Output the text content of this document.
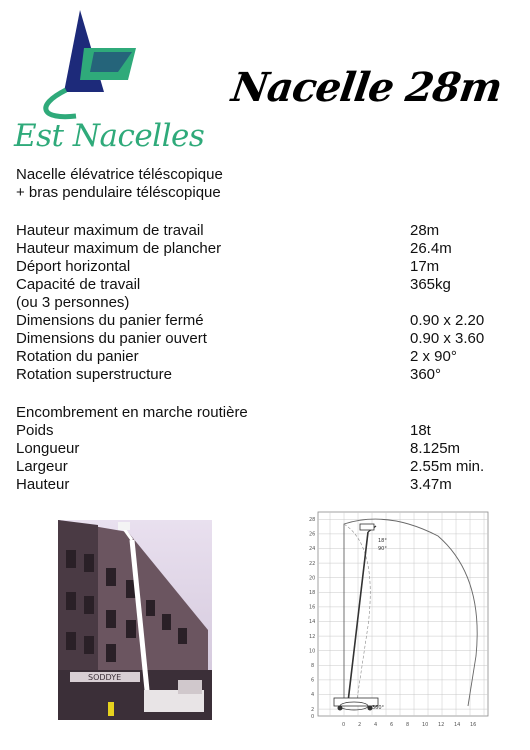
Est Nacelles
Nacelle 28m
Nacelle élévatrice téléscopique
+ bras pendulaire téléscopique
Hauteur maximum de travail	28m
Hauteur maximum de plancher	26.4m
Déport horizontal	17m
Capacité de travail	365kg
(ou 3 personnes)
Dimensions du panier fermé	0.90 x 2.20
Dimensions du panier ouvert	0.90 x 3.60
Rotation du panier	2 x 90°
Rotation superstructure	360°
Encombrement en marche routière
Poids	18t
Longueur	8.125m
Largeur	2.55m min.
Hauteur	3.47m
SODDYE
28
26
24
22
20
18
16
14
12
10
8
6
4
2
0
0	2	4	6	8	10 12 14 16
18°
90°
360°
